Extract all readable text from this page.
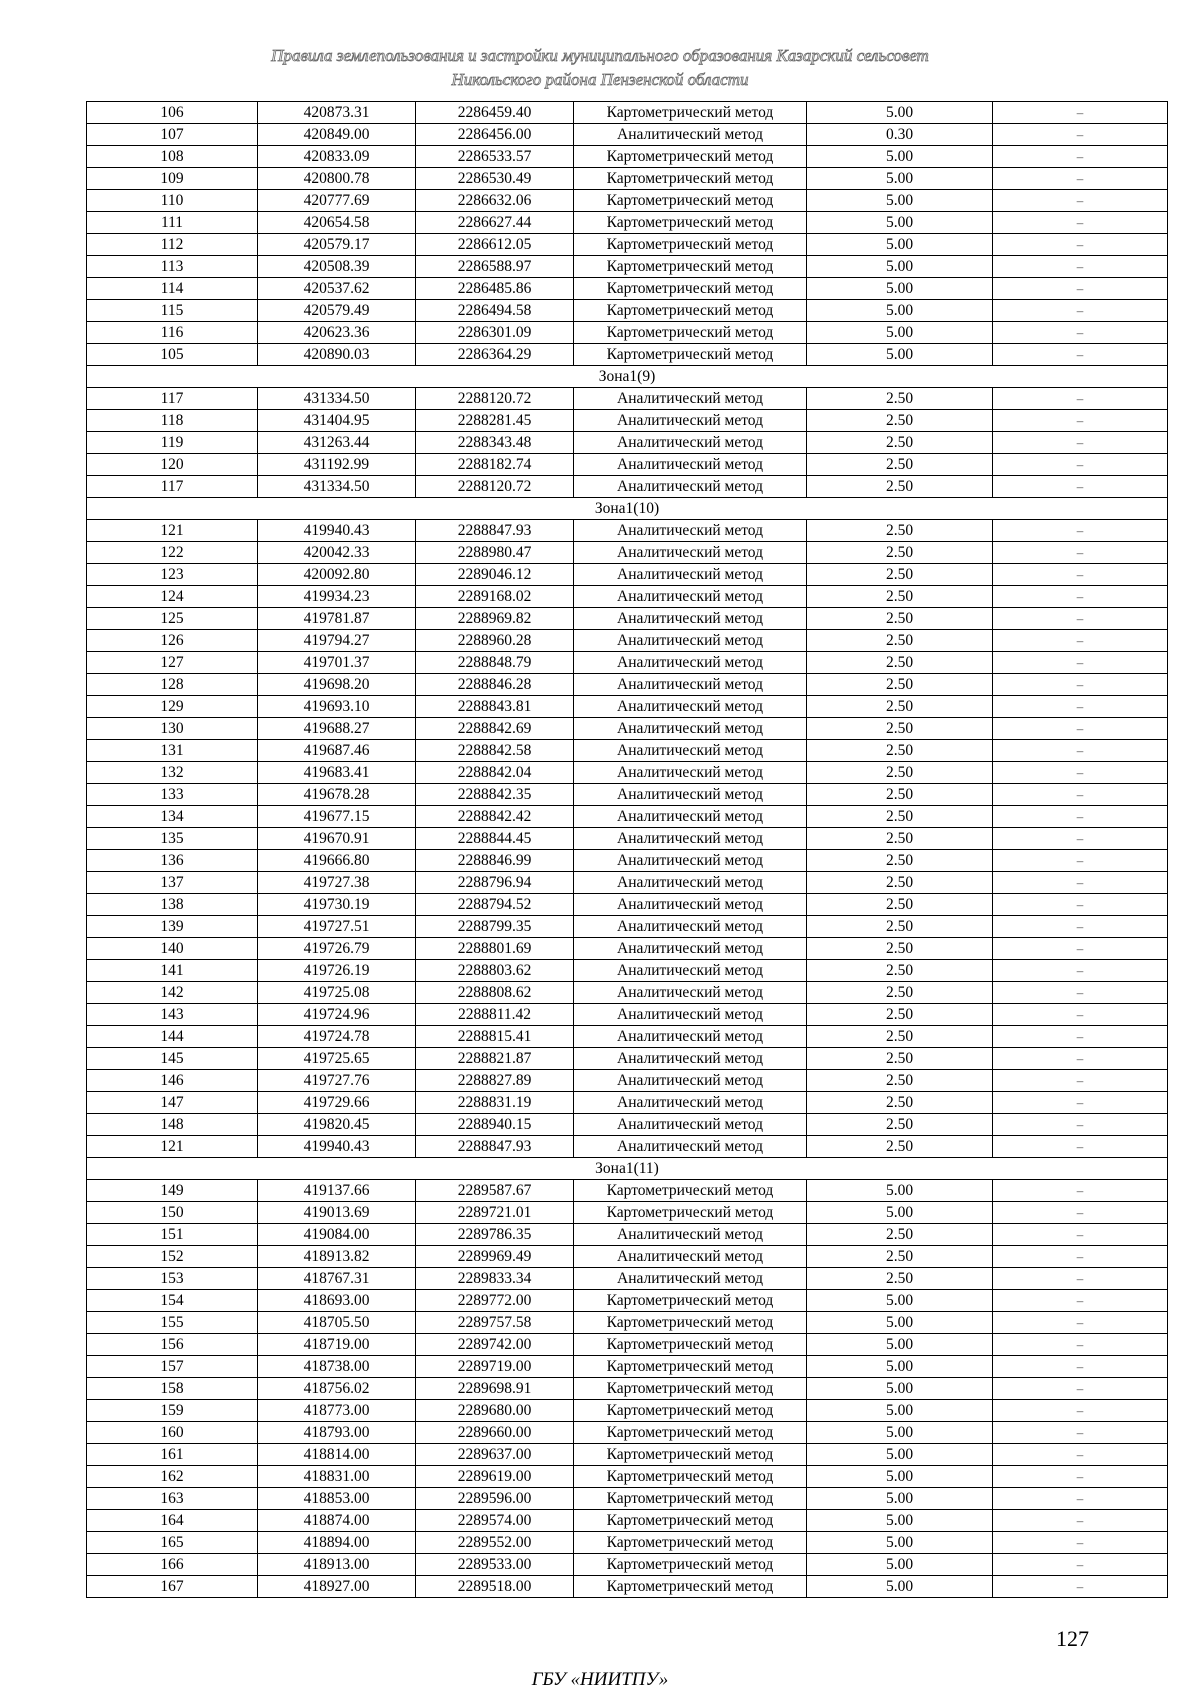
Правила землепользования и застройки муниципального образования Казарский сельсовет
Никольского района Пензенской области
106	420873.31	2286459.40	Картометрический метод	5.00	–
107	420849.00	2286456.00	Аналитический метод	0.30	–
108	420833.09	2286533.57	Картометрический метод	5.00	–
109	420800.78	2286530.49	Картометрический метод	5.00	–
110	420777.69	2286632.06	Картометрический метод	5.00	–
111	420654.58	2286627.44	Картометрический метод	5.00	–
112	420579.17	2286612.05	Картометрический метод	5.00	–
113	420508.39	2286588.97	Картометрический метод	5.00	–
114	420537.62	2286485.86	Картометрический метод	5.00	–
115	420579.49	2286494.58	Картометрический метод	5.00	–
116	420623.36	2286301.09	Картометрический метод	5.00	–
105	420890.03	2286364.29	Картометрический метод	5.00	–
Зона1(9)					
117	431334.50	2288120.72	Аналитический метод	2.50	–
118	431404.95	2288281.45	Аналитический метод	2.50	–
119	431263.44	2288343.48	Аналитический метод	2.50	–
120	431192.99	2288182.74	Аналитический метод	2.50	–
117	431334.50	2288120.72	Аналитический метод	2.50	–
Зона1(10)					
121	419940.43	2288847.93	Аналитический метод	2.50	–
122	420042.33	2288980.47	Аналитический метод	2.50	–
123	420092.80	2289046.12	Аналитический метод	2.50	–
124	419934.23	2289168.02	Аналитический метод	2.50	–
125	419781.87	2288969.82	Аналитический метод	2.50	–
126	419794.27	2288960.28	Аналитический метод	2.50	–
127	419701.37	2288848.79	Аналитический метод	2.50	–
128	419698.20	2288846.28	Аналитический метод	2.50	–
129	419693.10	2288843.81	Аналитический метод	2.50	–
130	419688.27	2288842.69	Аналитический метод	2.50	–
131	419687.46	2288842.58	Аналитический метод	2.50	–
132	419683.41	2288842.04	Аналитический метод	2.50	–
133	419678.28	2288842.35	Аналитический метод	2.50	–
134	419677.15	2288842.42	Аналитический метод	2.50	–
135	419670.91	2288844.45	Аналитический метод	2.50	–
136	419666.80	2288846.99	Аналитический метод	2.50	–
137	419727.38	2288796.94	Аналитический метод	2.50	–
138	419730.19	2288794.52	Аналитический метод	2.50	–
139	419727.51	2288799.35	Аналитический метод	2.50	–
140	419726.79	2288801.69	Аналитический метод	2.50	–
141	419726.19	2288803.62	Аналитический метод	2.50	–
142	419725.08	2288808.62	Аналитический метод	2.50	–
143	419724.96	2288811.42	Аналитический метод	2.50	–
144	419724.78	2288815.41	Аналитический метод	2.50	–
145	419725.65	2288821.87	Аналитический метод	2.50	–
146	419727.76	2288827.89	Аналитический метод	2.50	–
147	419729.66	2288831.19	Аналитический метод	2.50	–
148	419820.45	2288940.15	Аналитический метод	2.50	–
121	419940.43	2288847.93	Аналитический метод	2.50	–
Зона1(11)					
149	419137.66	2289587.67	Картометрический метод	5.00	–
150	419013.69	2289721.01	Картометрический метод	5.00	–
151	419084.00	2289786.35	Аналитический метод	2.50	–
152	418913.82	2289969.49	Аналитический метод	2.50	–
153	418767.31	2289833.34	Аналитический метод	2.50	–
154	418693.00	2289772.00	Картометрический метод	5.00	–
155	418705.50	2289757.58	Картометрический метод	5.00	–
156	418719.00	2289742.00	Картометрический метод	5.00	–
157	418738.00	2289719.00	Картометрический метод	5.00	–
158	418756.02	2289698.91	Картометрический метод	5.00	–
159	418773.00	2289680.00	Картометрический метод	5.00	–
160	418793.00	2289660.00	Картометрический метод	5.00	–
161	418814.00	2289637.00	Картометрический метод	5.00	–
162	418831.00	2289619.00	Картометрический метод	5.00	–
163	418853.00	2289596.00	Картометрический метод	5.00	–
164	418874.00	2289574.00	Картометрический метод	5.00	–
165	418894.00	2289552.00	Картометрический метод	5.00	–
166	418913.00	2289533.00	Картометрический метод	5.00	–
167	418927.00	2289518.00	Картометрический метод	5.00	–
127
ГБУ «НИИТПУ»
